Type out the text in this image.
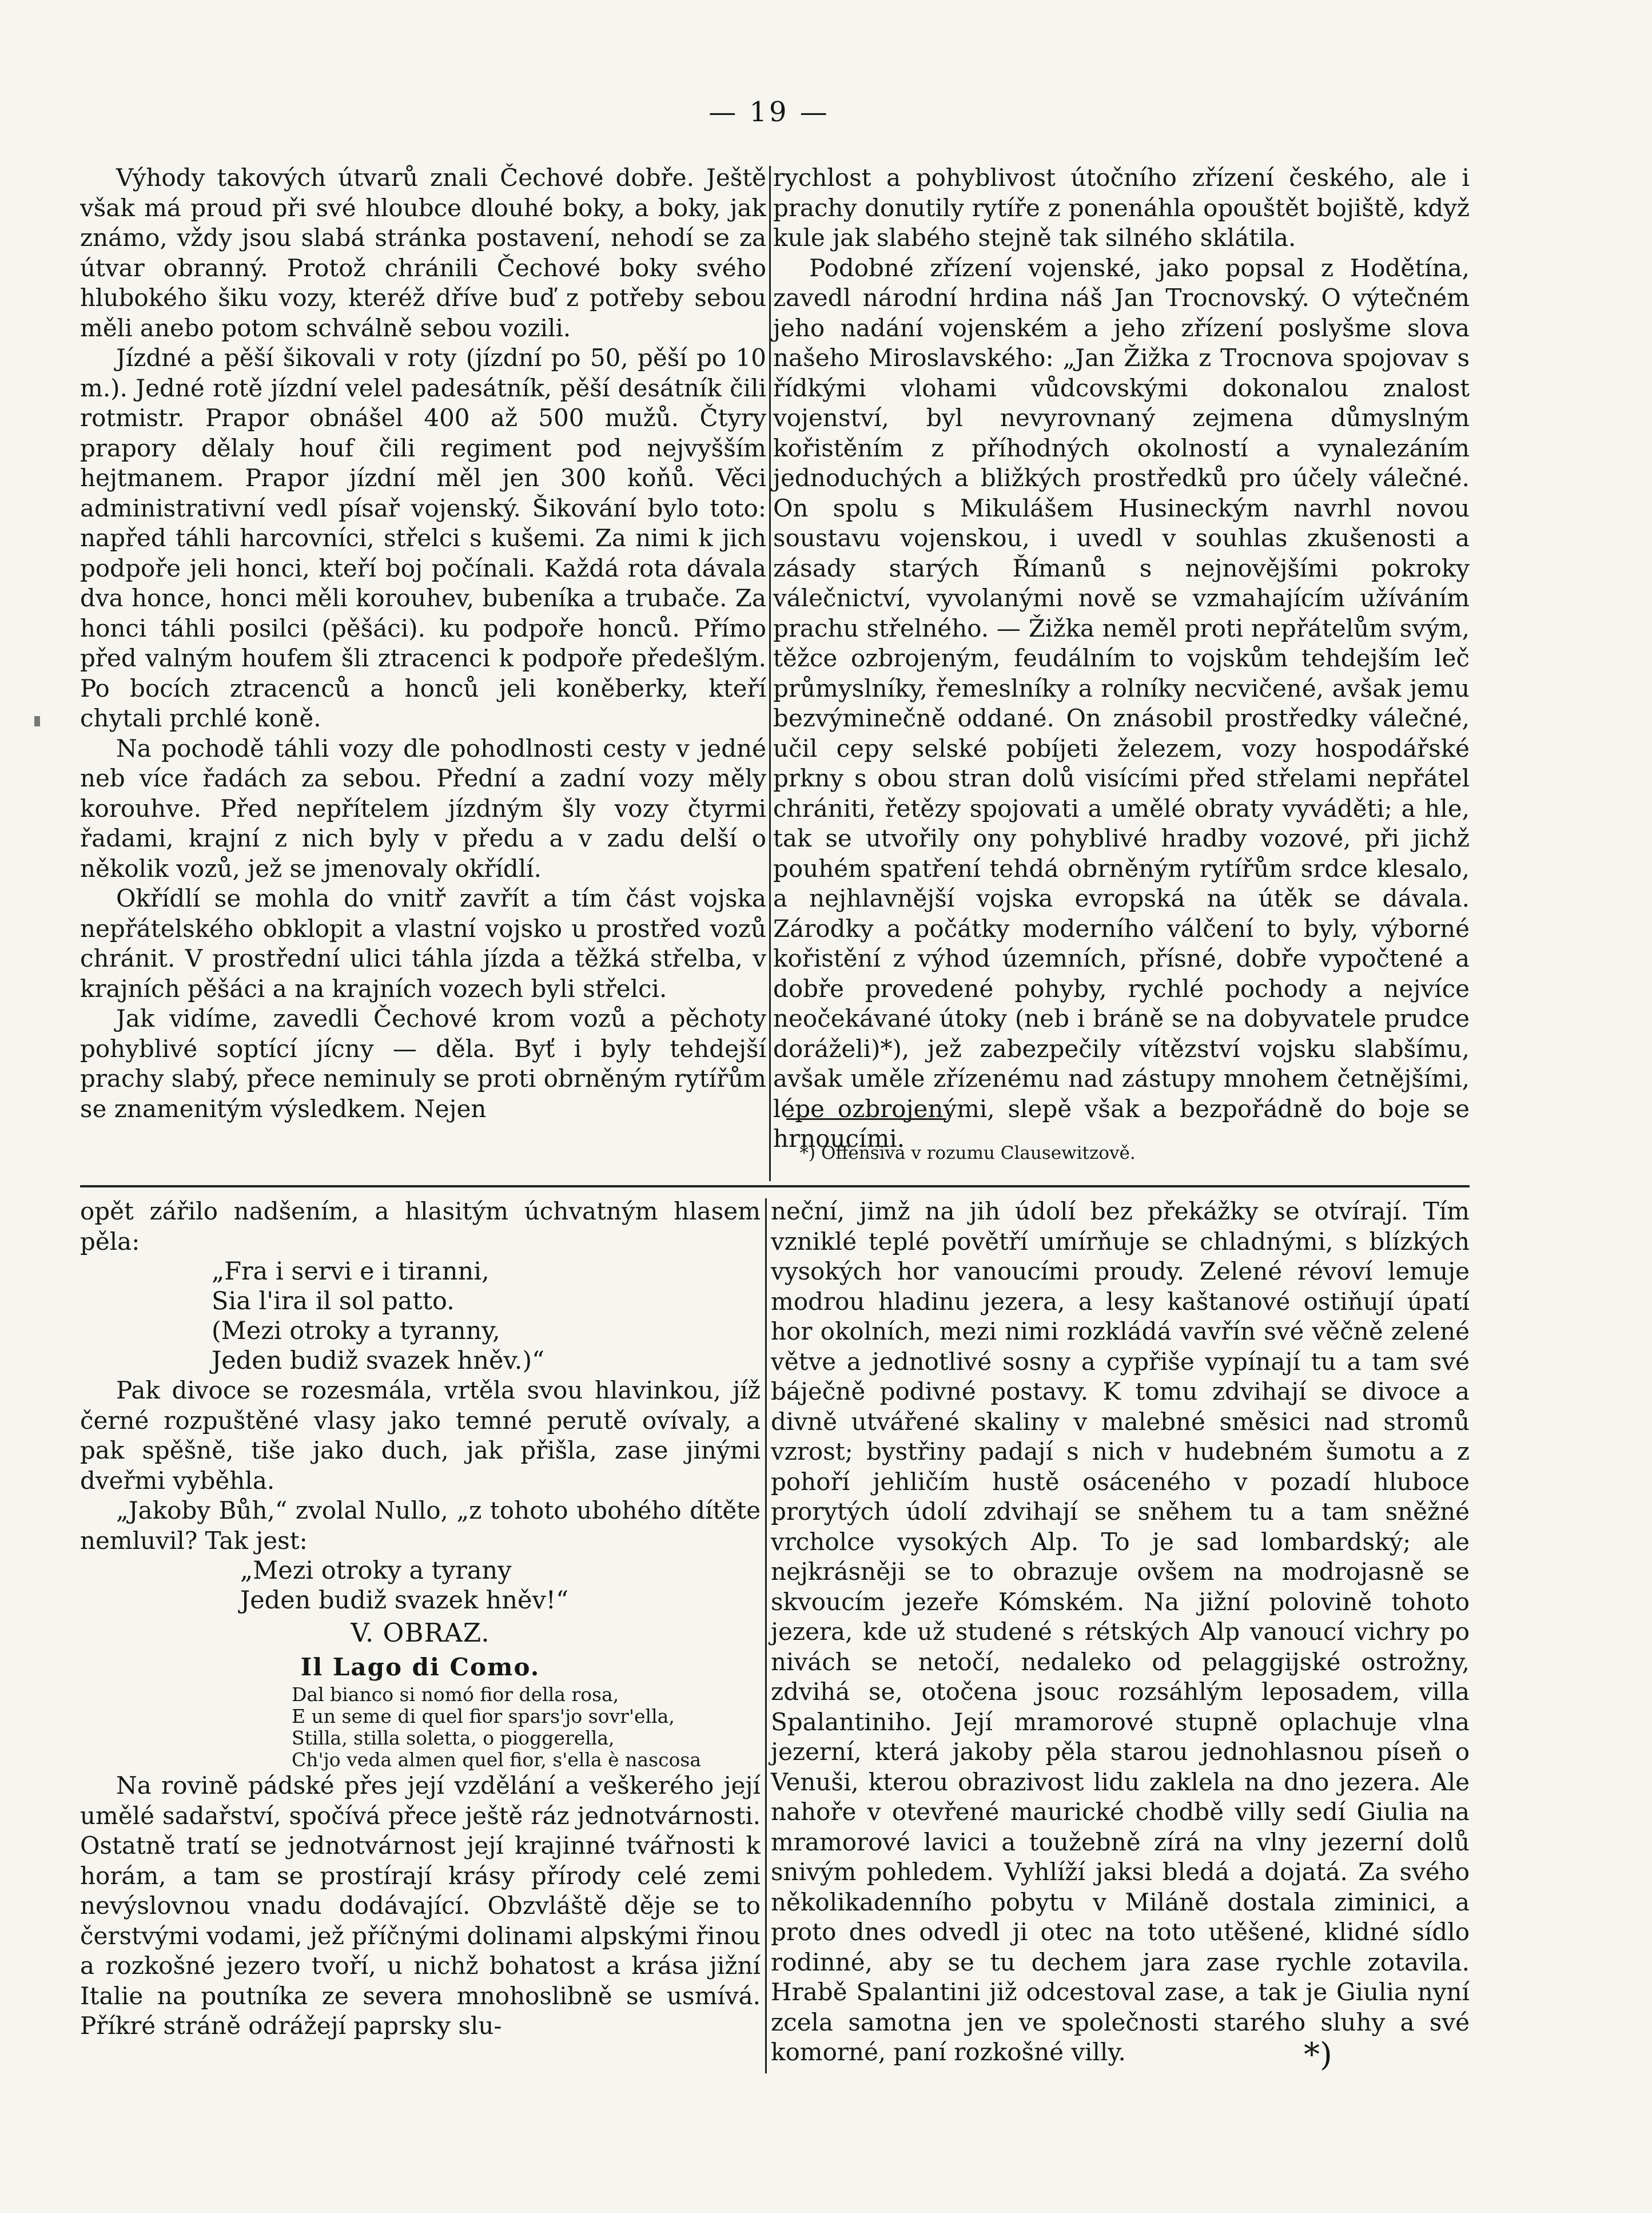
— 19 —

Výhody takových útvarů znali Čechové dobře. Ještě však má proud při své hloubce dlouhé boky, a boky, jak známo, vždy jsou slabá stránka postavení, nehodí se za útvar obranný. Protož chránili Čechové boky svého hlubokého šiku vozy, kteréž dříve buď z potřeby sebou měli anebo potom schválně sebou vozili.

Jízdné a pěší šikovali v roty (jízdní po 50, pěší po 10 m.). Jedné rotě jízdní velel padesátník, pěší desátník čili rotmistr. Prapor obnášel 400 až 500 mužů. Čtyry prapory dělaly houf čili regiment pod nejvyšším hejtmanem. Prapor jízdní měl jen 300 koňů. Věci administrativní vedl písař vojenský. Šikování bylo toto: napřed táhli harcovníci, střelci s kušemi. Za nimi k jich podpoře jeli honci, kteří boj počínali. Každá rota dávala dva honce, honci měli korouhev, bubeníka a trubače. Za honci táhli posilci (pěšáci). ku podpoře honců. Přímo před valným houfem šli ztracenci k podpoře předešlým. Po bocích ztracenců a honců jeli koněberky, kteří chytali prchlé koně.

Na pochodě táhli vozy dle pohodlnosti cesty v jedné neb více řadách za sebou. Přední a zadní vozy měly korouhve. Před nepřítelem jízdným šly vozy čtyrmi řadami, krajní z nich byly v předu a v zadu delší o několik vozů, jež se jmenovaly okřídlí.

Okřídlí se mohla do vnitř zavřít a tím část vojska nepřátelského obklopit a vlastní vojsko u prostřed vozů chránit. V prostřední ulici táhla jízda a těžká střelba, v krajních pěšáci a na krajních vozech byli střelci.

Jak vidíme, zavedli Čechové krom vozů a pěchoty pohyblivé soptící jícny — děla. Byť i byly tehdejší prachy slabý, přece neminuly se proti obrněným rytířům se znamenitým výsledkem. Nejen

rychlost a pohyblivost útočního zřízení českého, ale i prachy donutily rytíře z ponenáhla opouštět bojiště, když kule jak slabého stejně tak silného sklátila.

Podobné zřízení vojenské, jako popsal z Hodětína, zavedl národní hrdina náš Jan Trocnovský. O výtečném jeho nadání vojenském a jeho zřízení poslyšme slova našeho Miroslavského: „Jan Žižka z Trocnova spojovav s řídkými vlohami vůdcovskými dokonalou znalost vojenství, byl nevyrovnaný zejmena důmyslným kořistěním z příhodných okolností a vynalezáním jednoduchých a bližkých prostředků pro účely válečné. On spolu s Mikulášem Husineckým navrhl novou soustavu vojenskou, i uvedl v souhlas zkušenosti a zásady starých Římanů s nejnovějšími pokroky válečnictví, vyvolanými nově se vzmahajícím užíváním prachu střelného. — Žižka neměl proti nepřátelům svým, těžce ozbrojeným, feudálním to vojskům tehdejším leč průmyslníky, řemeslníky a rolníky necvičené, avšak jemu bezvýminečně oddané. On znásobil prostředky válečné, učil cepy selské pobíjeti železem, vozy hospodářské prkny s obou stran dolů visícími před střelami nepřátel chrániti, řetězy spojovati a umělé obraty vyváděti; a hle, tak se utvořily ony pohyblivé hradby vozové, při jichž pouhém spatření tehdá obrněným rytířům srdce klesalo, a nejhlavnější vojska evropská na útěk se dávala. Zárodky a počátky moderního válčení to byly, výborné kořistění z výhod územních, přísné, dobře vypočtené a dobře provedené pohyby, rychlé pochody a nejvíce neočekávané útoky (neb i bráně se na dobyvatele prudce doráželi)*), jež zabezpečily vítězství vojsku slabšímu, avšak uměle zřízenému nad zástupy mnohem četnějšími, lépe ozbrojenými, slepě však a bezpořádně do boje se hrnoucími.

*) Offensiva v rozumu Clausewitzově.

opět zářilo nadšením, a hlasitým úchvatným hlasem pěla:

„Fra i servi e i tiranni,
Sia l'ira il sol patto.
(Mezi otroky a tyranny,
Jeden budiž svazek hněv.)“

Pak divoce se rozesmála, vrtěla svou hlavinkou, jíž černé rozpuštěné vlasy jako temné perutě ovívaly, a pak spěšně, tiše jako duch, jak přišla, zase jinými dveřmi vyběhla.

„Jakoby Bůh,“ zvolal Nullo, „z tohoto ubohého dítěte nemluvil? Tak jest:

„Mezi otroky a tyrany
Jeden budiž svazek hněv!“
V. OBRAZ.
Il Lago di Como.
Dal bianco si nomó fior della rosa,
E un seme di quel fior spars'jo sovr'ella,
Stilla, stilla soletta, o pioggerella,
Ch'jo veda almen quel fior, s'ella è nascosa

Na rovině pádské přes její vzdělání a veškerého její umělé sadařství, spočívá přece ještě ráz jednotvárnosti. Ostatně tratí se jednotvárnost její krajinné tvářnosti k horám, a tam se prostírají krásy přírody celé zemi nevýslovnou vnadu dodávající. Obzvláště děje se to čerstvými vodami, jež příčnými dolinami alpskými řinou a rozkošné jezero tvoří, u nichž bohatost a krása jižní Italie na poutníka ze severa mnohoslibně se usmívá. Příkré stráně odrážejí paprsky slu-

neční, jimž na jih údolí bez překážky se otvírají. Tím vzniklé teplé povětří umírňuje se chladnými, s blízkých vysokých hor vanoucími proudy. Zelené révoví lemuje modrou hladinu jezera, a lesy kaštanové ostiňují úpatí hor okolních, mezi nimi rozkládá vavřín své věčně zelené větve a jednotlivé sosny a cypřiše vypínají tu a tam své báječně podivné postavy. K tomu zdvihají se divoce a divně utvářené skaliny v malebné směsici nad stromů vzrost; bystřiny padají s nich v hudebném šumotu a z pohoří jehličím hustě osáceného v pozadí hluboce prorytých údolí zdvihají se sněhem tu a tam sněžné vrcholce vysokých Alp. To je sad lombardský; ale nejkrásněji se to obrazuje ovšem na modrojasně se skvoucím jezeře Kómském. Na jižní polovině tohoto jezera, kde už studené s rétských Alp vanoucí vichry po nivách se netočí, nedaleko od pelaggijské ostrožny, zdvihá se, otočena jsouc rozsáhlým leposadem, villa Spalantiniho. Její mramorové stupně oplachuje vlna jezerní, která jakoby pěla starou jednohlasnou píseň o Venuši, kterou obrazivost lidu zaklela na dno jezera. Ale nahoře v otevřené maurické chodbě villy sedí Giulia na mramorové lavici a toužebně zírá na vlny jezerní dolů snivým pohledem. Vyhlíží jaksi bledá a dojatá. Za svého několikadenního pobytu v Miláně dostala ziminici, a proto dnes odvedl ji otec na toto utěšené, klidné sídlo rodinné, aby se tu dechem jara zase rychle zotavila. Hrabě Spalantini již odcestoval zase, a tak je Giulia nyní zcela samotna jen ve společnosti starého sluhy a své komorné, paní rozkošné villy.	*)
